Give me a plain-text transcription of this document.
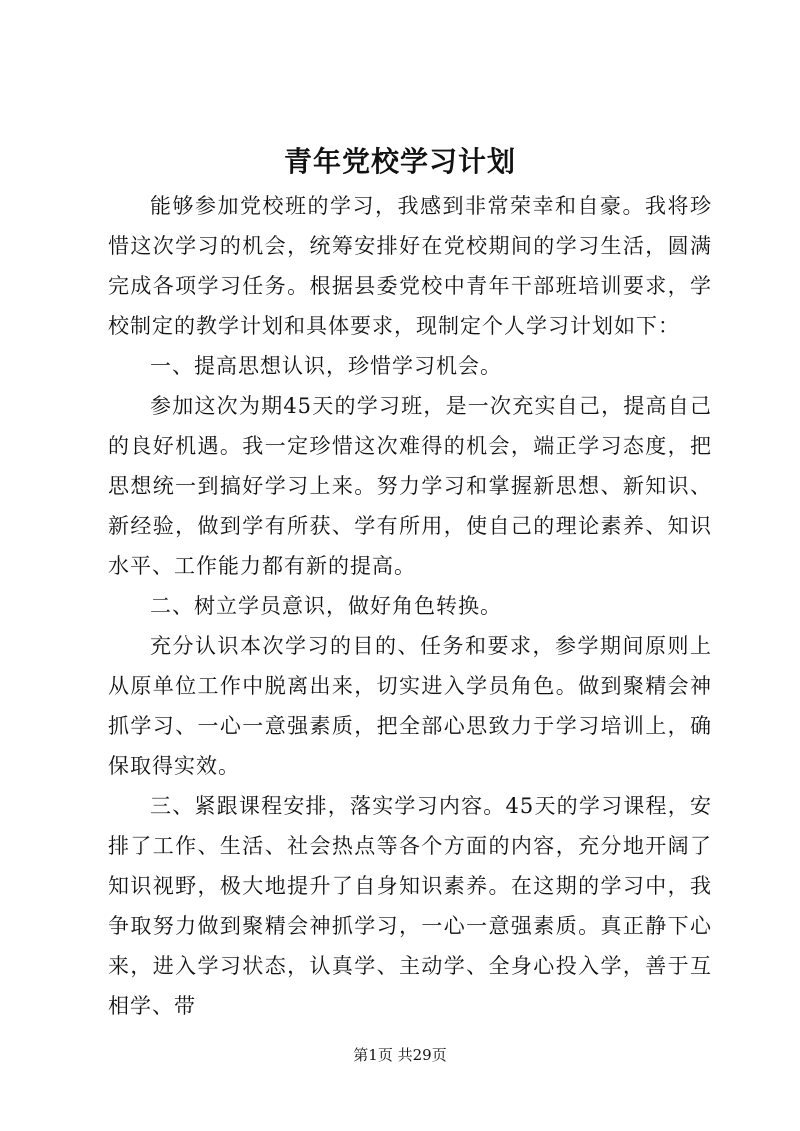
青年党校学习计划

能够参加党校班的学习，我感到非常荣幸和自豪。我将珍惜这次学习的机会，统筹安排好在党校期间的学习生活，圆满完成各项学习任务。根据县委党校中青年干部班培训要求，学校制定的教学计划和具体要求，现制定个人学习计划如下：

一、提高思想认识，珍惜学习机会。

参加这次为期45天的学习班，是一次充实自己，提高自己的良好机遇。我一定珍惜这次难得的机会，端正学习态度，把思想统一到搞好学习上来。努力学习和掌握新思想、新知识、新经验，做到学有所获、学有所用，使自己的理论素养、知识水平、工作能力都有新的提高。

二、树立学员意识，做好角色转换。

充分认识本次学习的目的、任务和要求，参学期间原则上从原单位工作中脱离出来，切实进入学员角色。做到聚精会神抓学习、一心一意强素质，把全部心思致力于学习培训上，确保取得实效。

三、紧跟课程安排，落实学习内容。45天的学习课程，安排了工作、生活、社会热点等各个方面的内容，充分地开阔了知识视野，极大地提升了自身知识素养。在这期的学习中，我争取努力做到聚精会神抓学习，一心一意强素质。真正静下心来，进入学习状态，认真学、主动学、全身心投入学，善于互相学、带

第1页 共29页
